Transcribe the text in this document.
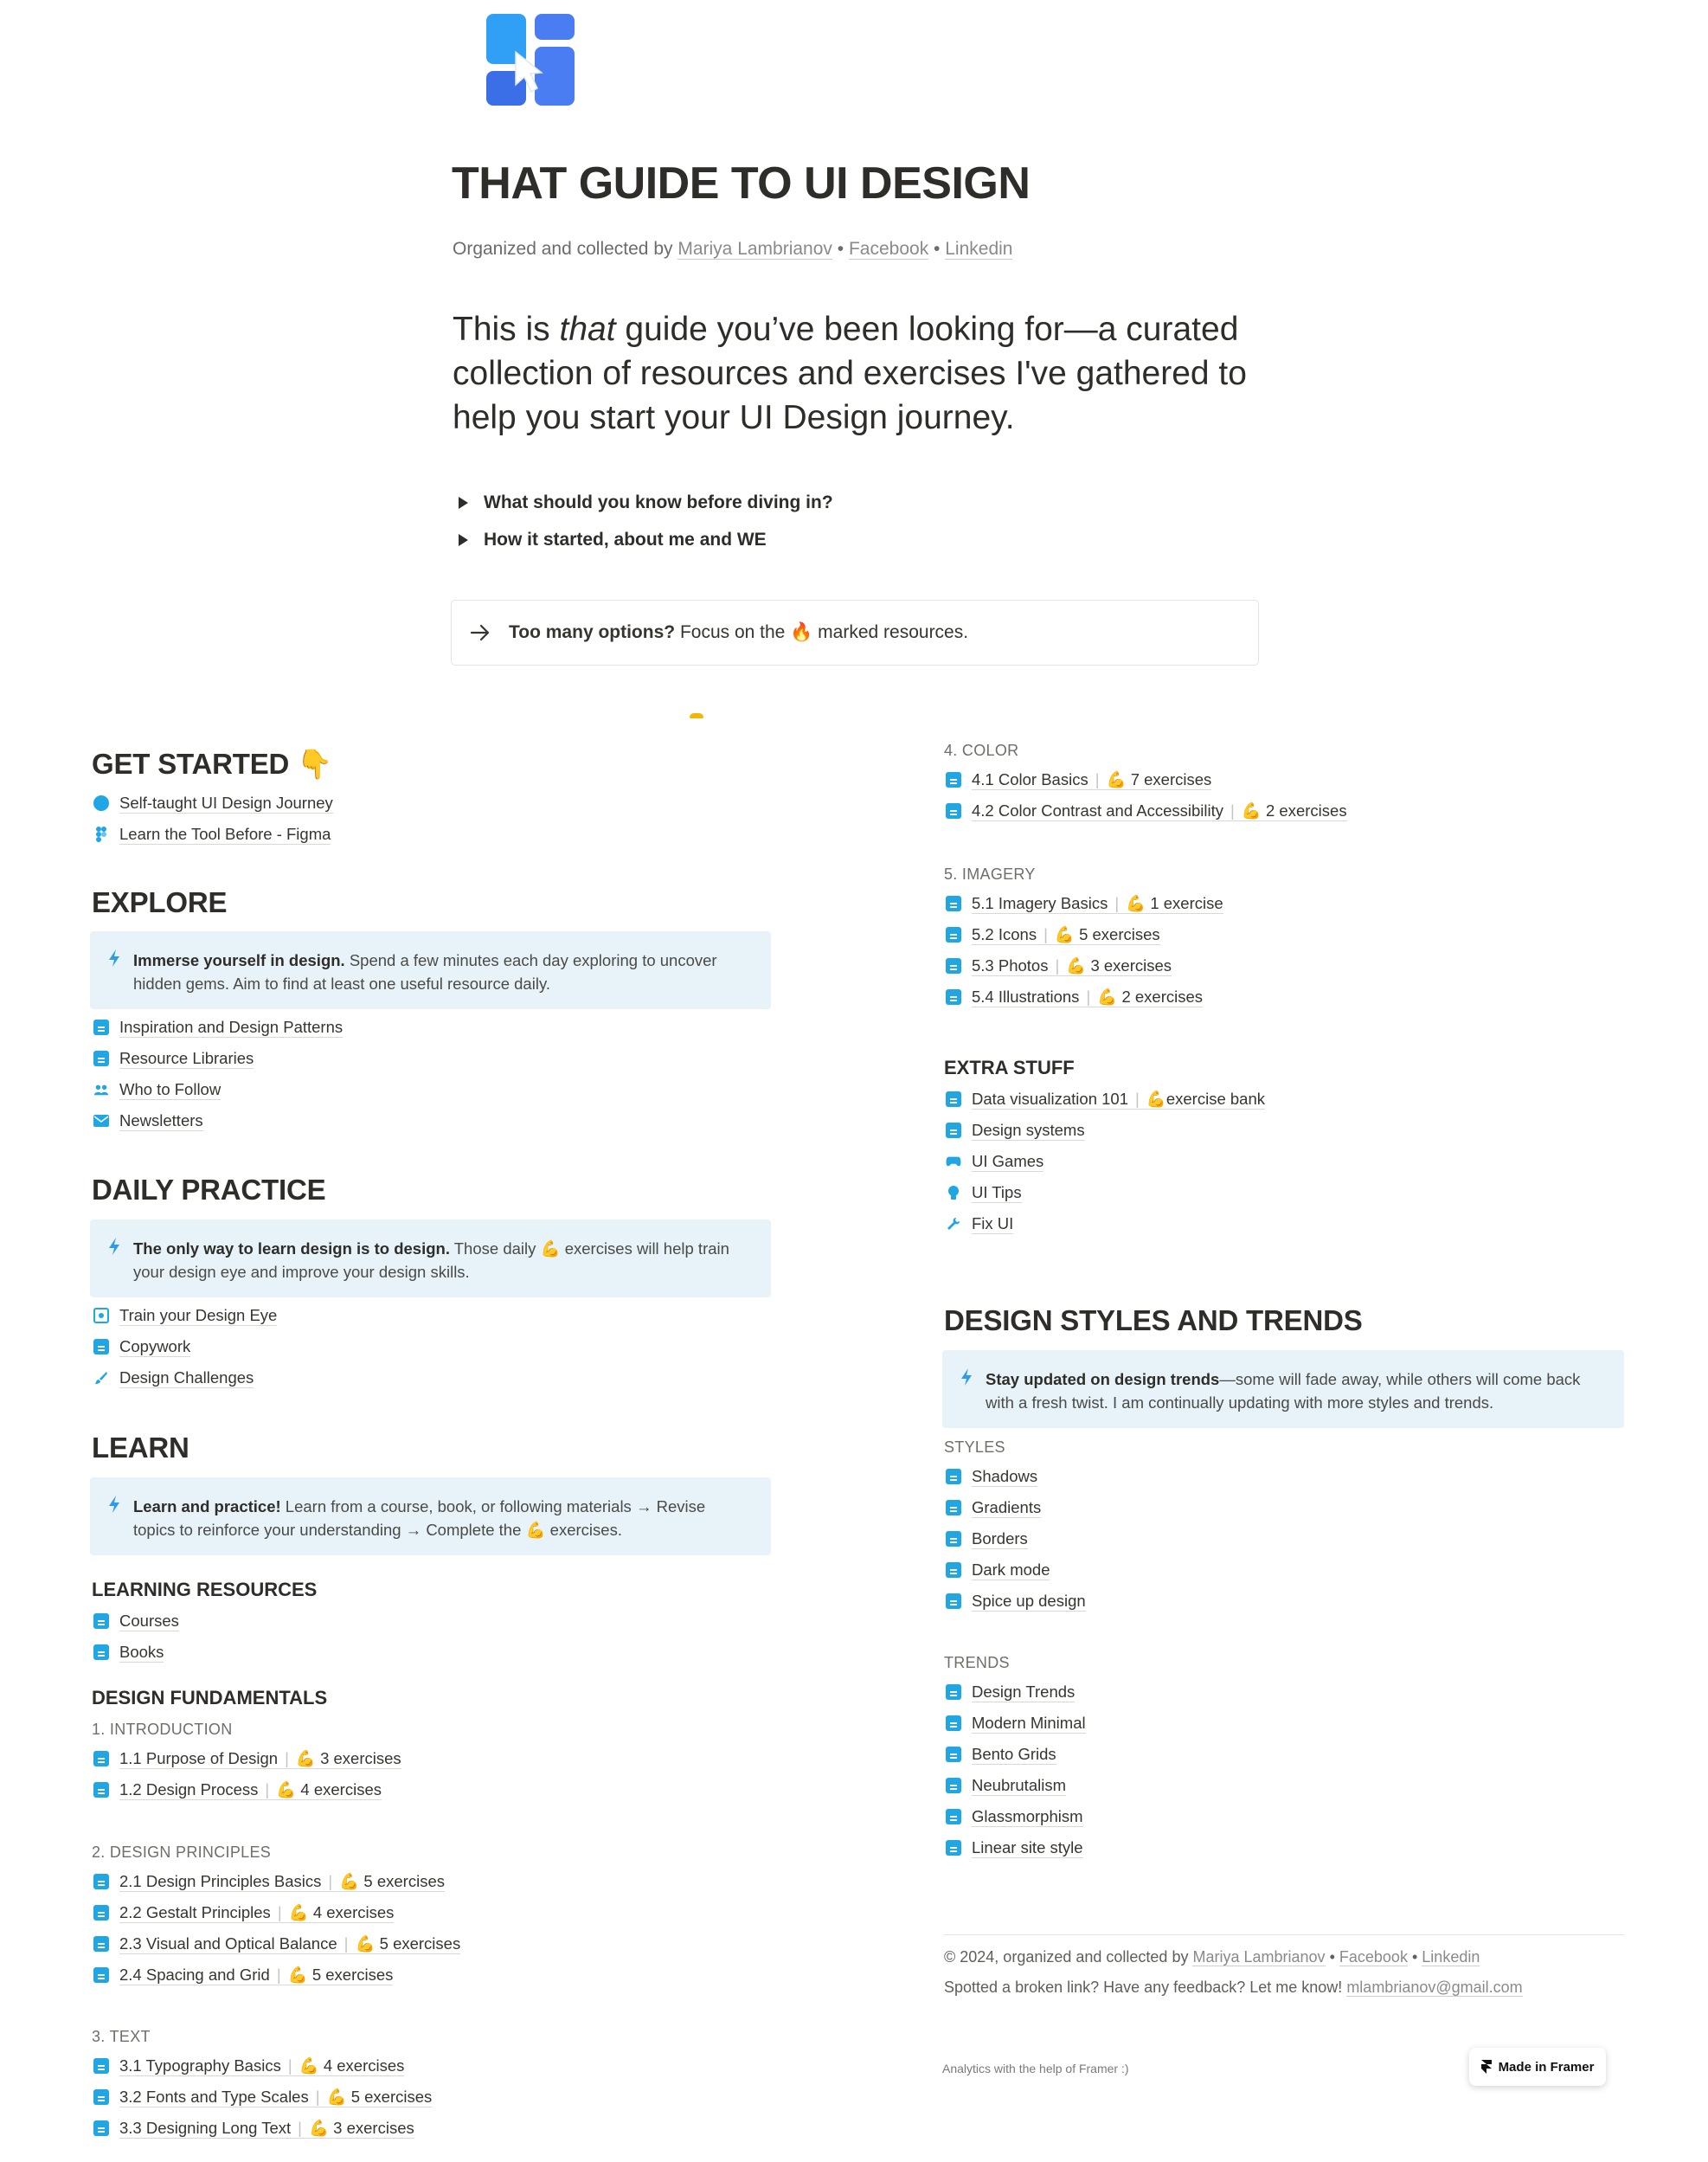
THAT GUIDE TO UI DESIGN
Organized and collected by Mariya Lambrianov • Facebook • Linkedin
This is that guide you’ve been looking for—a curated collection of resources and exercises I've gathered to help you start your UI Design journey.
What should you know before diving in?
How it started, about me and WE
Too many options? Focus on the 🔥 marked resources.
GET STARTED 👇
Self-taught UI Design Journey
Learn the Tool Before - Figma
EXPLORE
Immerse yourself in design. Spend a few minutes each day exploring to uncover hidden gems. Aim to find at least one useful resource daily.
Inspiration and Design Patterns
Resource Libraries
Who to Follow
Newsletters
DAILY PRACTICE
The only way to learn design is to design. Those daily 💪 exercises will help train your design eye and improve your design skills.
Train your Design Eye
Copywork
Design Challenges
LEARN
Learn and practice! Learn from a course, book, or following materials → Revise topics to reinforce your understanding → Complete the 💪 exercises.
LEARNING RESOURCES
Courses
Books
DESIGN FUNDAMENTALS
1. INTRODUCTION
1.1 Purpose of Design | 💪 3 exercises
1.2 Design Process | 💪 4 exercises
2. DESIGN PRINCIPLES
2.1 Design Principles Basics | 💪 5 exercises
2.2 Gestalt Principles | 💪 4 exercises
2.3 Visual and Optical Balance | 💪 5 exercises
2.4 Spacing and Grid | 💪 5 exercises
3. TEXT
3.1 Typography Basics | 💪 4 exercises
3.2 Fonts and Type Scales | 💪 5 exercises
3.3 Designing Long Text | 💪 3 exercises
4. COLOR
4.1 Color Basics | 💪 7 exercises
4.2 Color Contrast and Accessibility | 💪 2 exercises
5. IMAGERY
5.1 Imagery Basics | 💪 1 exercise
5.2 Icons | 💪 5 exercises
5.3 Photos | 💪 3 exercises
5.4 Illustrations | 💪 2 exercises
EXTRA STUFF
Data visualization 101 | 💪exercise bank
Design systems
UI Games
UI Tips
Fix UI
DESIGN STYLES AND TRENDS
Stay updated on design trends—some will fade away, while others will come back with a fresh twist. I am continually updating with more styles and trends.
STYLES
Shadows
Gradients
Borders
Dark mode
Spice up design
TRENDS
Design Trends
Modern Minimal
Bento Grids
Neubrutalism
Glassmorphism
Linear site style
© 2024, organized and collected by Mariya Lambrianov • Facebook • Linkedin
Spotted a broken link? Have any feedback? Let me know! mlambrianov@gmail.com
Analytics with the help of Framer :)	Made in Framer
